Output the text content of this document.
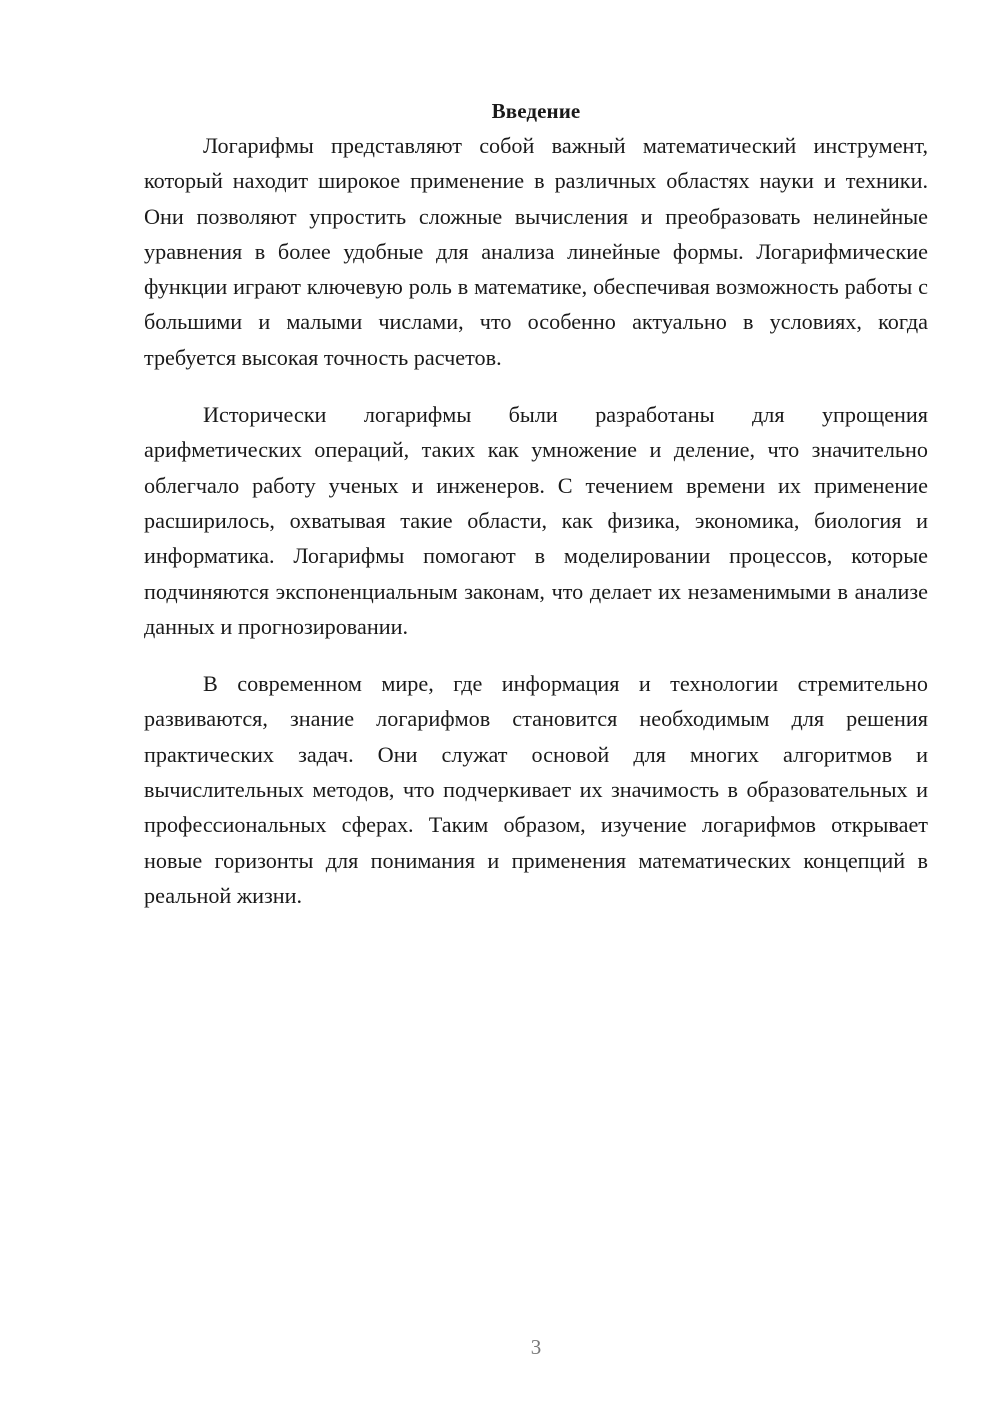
Введение

Логарифмы представляют собой важный математический инструмент, который находит широкое применение в различных областях науки и техники. Они позволяют упростить сложные вычисления и преобразовать нелинейные уравнения в более удобные для анализа линейные формы. Логарифмические функции играют ключевую роль в математике, обеспечивая возможность работы с большими и малыми числами, что особенно актуально в условиях, когда требуется высокая точность расчетов.

Исторически логарифмы были разработаны для упрощения арифметических операций, таких как умножение и деление, что значительно облегчало работу ученых и инженеров. С течением времени их применение расширилось, охватывая такие области, как физика, экономика, биология и информатика. Логарифмы помогают в моделировании процессов, которые подчиняются экспоненциальным законам, что делает их незаменимыми в анализе данных и прогнозировании.

В современном мире, где информация и технологии стремительно развиваются, знание логарифмов становится необходимым для решения практических задач. Они служат основой для многих алгоритмов и вычислительных методов, что подчеркивает их значимость в образовательных и профессиональных сферах. Таким образом, изучение логарифмов открывает новые горизонты для понимания и применения математических концепций в реальной жизни.

3
